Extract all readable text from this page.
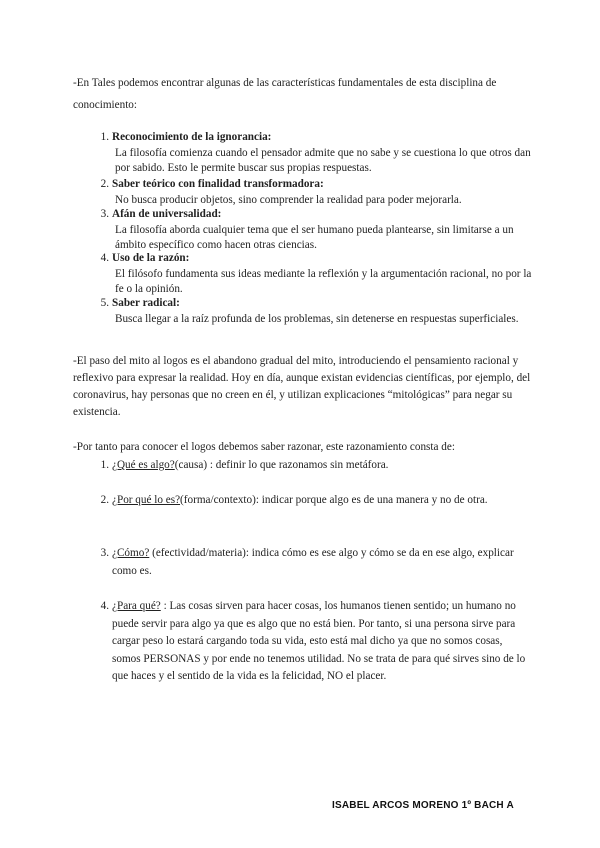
-En Tales podemos encontrar algunas de las características fundamentales de esta disciplina de conocimiento:

1 . Reconocimiento de la ignorancia:
La filosofía comienza cuando el pensador admite que no sabe y se cuestiona lo que otros dan por sabido. Esto le permite buscar sus propias respuestas.
2 . Saber teórico con finalidad transformadora:
No busca producir objetos, sino comprender la realidad para poder mejorarla.
3 . Afán de universalidad:
La filosofía aborda cualquier tema que el ser humano pueda plantearse, sin limitarse a un ámbito específico como hacen otras ciencias.
4 . Uso de la razón:
El filósofo fundamenta sus ideas mediante la reflexión y la argumentación racional, no por la fe o la opinión.
5 . Saber radical:
Busca llegar a la raíz profunda de los problemas, sin detenerse en respuestas superficiales.

-El paso del mito al logos es el abandono gradual del mito, introduciendo el pensamiento racional y reflexivo para expresar la realidad. Hoy en día, aunque existan evidencias científicas, por ejemplo, del coronavirus, hay personas que no creen en él, y utilizan explicaciones “mitológicas” para negar su existencia.

-Por tanto para conocer el logos debemos saber razonar, este razonamiento consta de:

1 . ¿Qué es algo?(causa) : definir lo que razonamos sin metáfora.
2 . ¿Por qué lo es?(forma/contexto): indicar porque algo es de una manera y no de otra.
3 . ¿Cómo? (efectividad/materia): indica cómo es ese algo y cómo se da en ese algo, explicar como es.
4 . ¿Para qué? : Las cosas sirven para hacer cosas, los humanos tienen sentido; un humano no puede servir para algo ya que es algo que no está bien. Por tanto, si una persona sirve para cargar peso lo estará cargando toda su vida, esto está mal dicho ya que no somos cosas, somos PERSONAS y por ende no tenemos utilidad. No se trata de para qué sirves sino de lo que haces y el sentido de la vida es la felicidad, NO el placer.
ISABEL ARCOS MORENO 1º BACH A
